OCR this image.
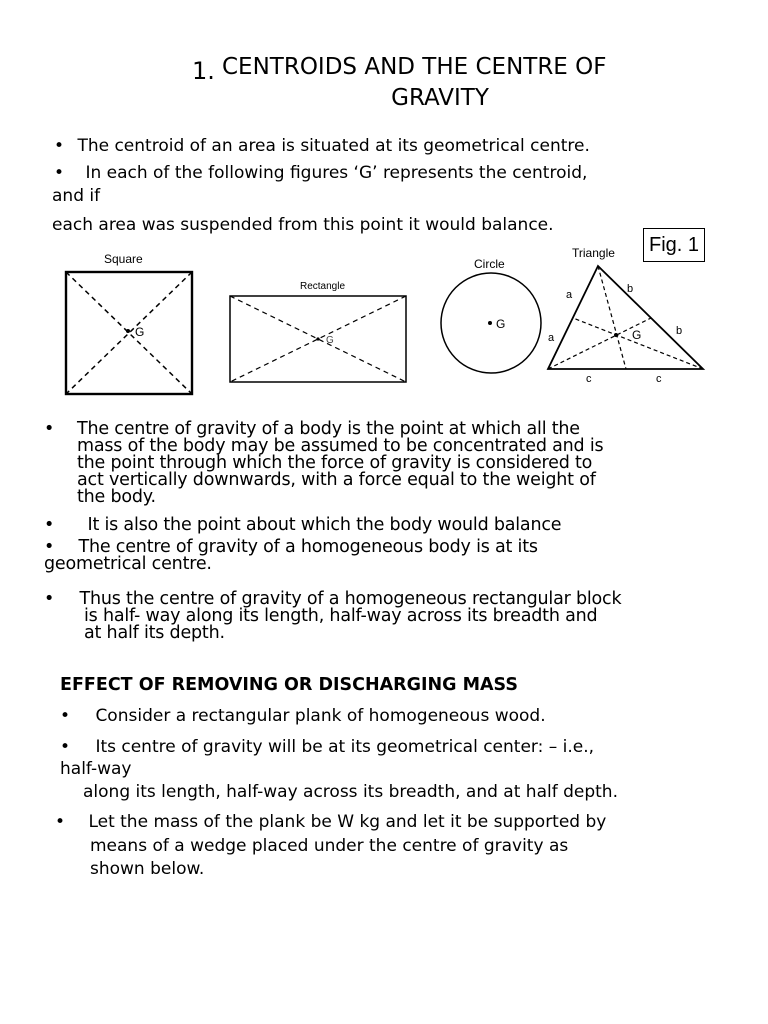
1. CENTROIDS AND THE CENTRE OF
GRAVITY
• The centroid of an area is situated at its geometrical centre.
• In each of the following figures ‘G’ represents the centroid,
and if
each area was suspended from this point it would balance.
Fig. 1
Square
G
Rectangle
G
Circle
G
Triangle
G
a
a
b
b
c	c
• The centre of gravity of a body is the point at which all the
mass of the body may be assumed to be concentrated and is
the point through which the force of gravity is considered to
act vertically downwards, with a force equal to the weight of
the body.
• It is also the point about which the body would balance
• The centre of gravity of a homogeneous body is at its
geometrical centre.
• Thus the centre of gravity of a homogeneous rectangular block
is half- way along its length, half-way across its breadth and
at half its depth.
EFFECT OF REMOVING OR DISCHARGING MASS
• Consider a rectangular plank of homogeneous wood.
• Its centre of gravity will be at its geometrical center: – i.e.,
half-way
along its length, half-way across its breadth, and at half depth.
• Let the mass of the plank be W kg and let it be supported by
means of a wedge placed under the centre of gravity as
shown below.
